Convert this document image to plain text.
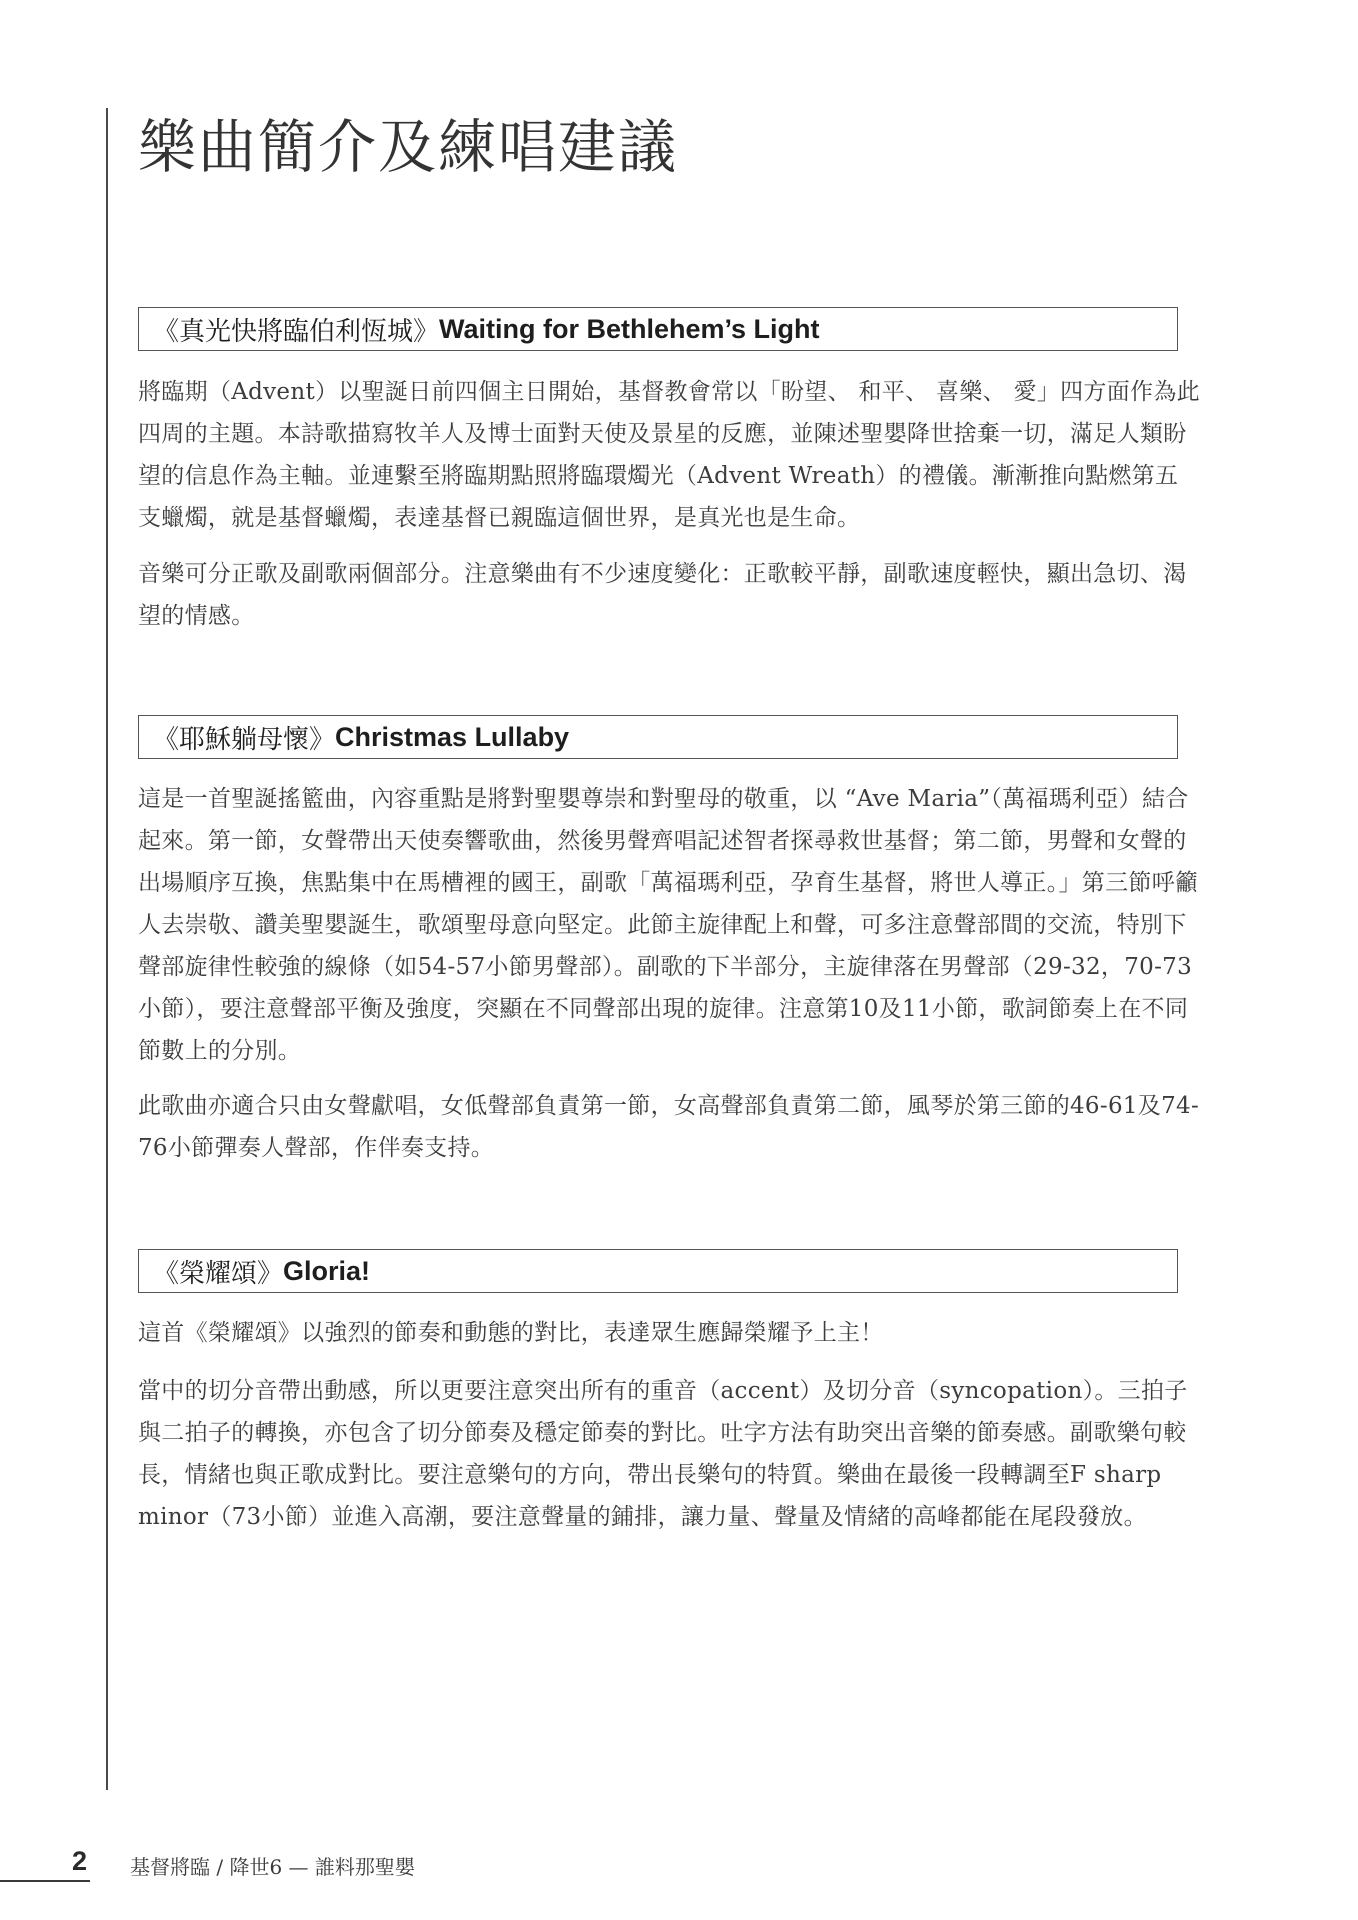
樂曲簡介及練唱建議
《真光快將臨伯利恆城》 Waiting for Bethlehem’s Light

將臨期（Advent）以聖誕日前四個主日開始，基督教會常以「盼望、 和平、 喜樂、 愛」四方面作為此四周的主題。本詩歌描寫牧羊人及博士面對天使及景星的反應，並陳述聖嬰降世捨棄一切，滿足人類盼望的信息作為主軸。並連繫至將臨期點照將臨環燭光（Advent Wreath）的禮儀。漸漸推向點燃第五支蠟燭，就是基督蠟燭，表達基督已親臨這個世界，是真光也是生命。

音樂可分正歌及副歌兩個部分。注意樂曲有不少速度變化：正歌較平靜，副歌速度輕快，顯出急切、渴望的情感。

《耶穌躺母懷》 Christmas Lullaby

這是一首聖誕搖籃曲，內容重點是將對聖嬰尊崇和對聖母的敬重，以 “Ave Maria”（萬福瑪利亞）結合起來。第一節，女聲帶出天使奏響歌曲，然後男聲齊唱記述智者探尋救世基督；第二節，男聲和女聲的出場順序互換，焦點集中在馬槽裡的國王，副歌「萬福瑪利亞，孕育生基督，將世人導正。」第三節呼籲人去崇敬、讚美聖嬰誕生，歌頌聖母意向堅定。此節主旋律配上和聲，可多注意聲部間的交流，特別下聲部旋律性較強的線條（如54-57小節男聲部）。副歌的下半部分，主旋律落在男聲部（29-32，70-73小節），要注意聲部平衡及強度，突顯在不同聲部出現的旋律。注意第10及11小節，歌詞節奏上在不同節數上的分別。

此歌曲亦適合只由女聲獻唱，女低聲部負責第一節，女高聲部負責第二節，風琴於第三節的46-61及74-76小節彈奏人聲部，作伴奏支持。

《榮耀頌》 Gloria!

這首《榮耀頌》以強烈的節奏和動態的對比，表達眾生應歸榮耀予上主！

當中的切分音帶出動感，所以更要注意突出所有的重音（accent）及切分音（syncopation）。三拍子與二拍子的轉換，亦包含了切分節奏及穩定節奏的對比。吐字方法有助突出音樂的節奏感。副歌樂句較長，情緒也與正歌成對比。要注意樂句的方向，帶出長樂句的特質。樂曲在最後一段轉調至F sharp minor（73小節）並進入高潮，要注意聲量的鋪排，讓力量、聲量及情緒的高峰都能在尾段發放。

2 基督將臨 / 降世6 — 誰料那聖嬰
